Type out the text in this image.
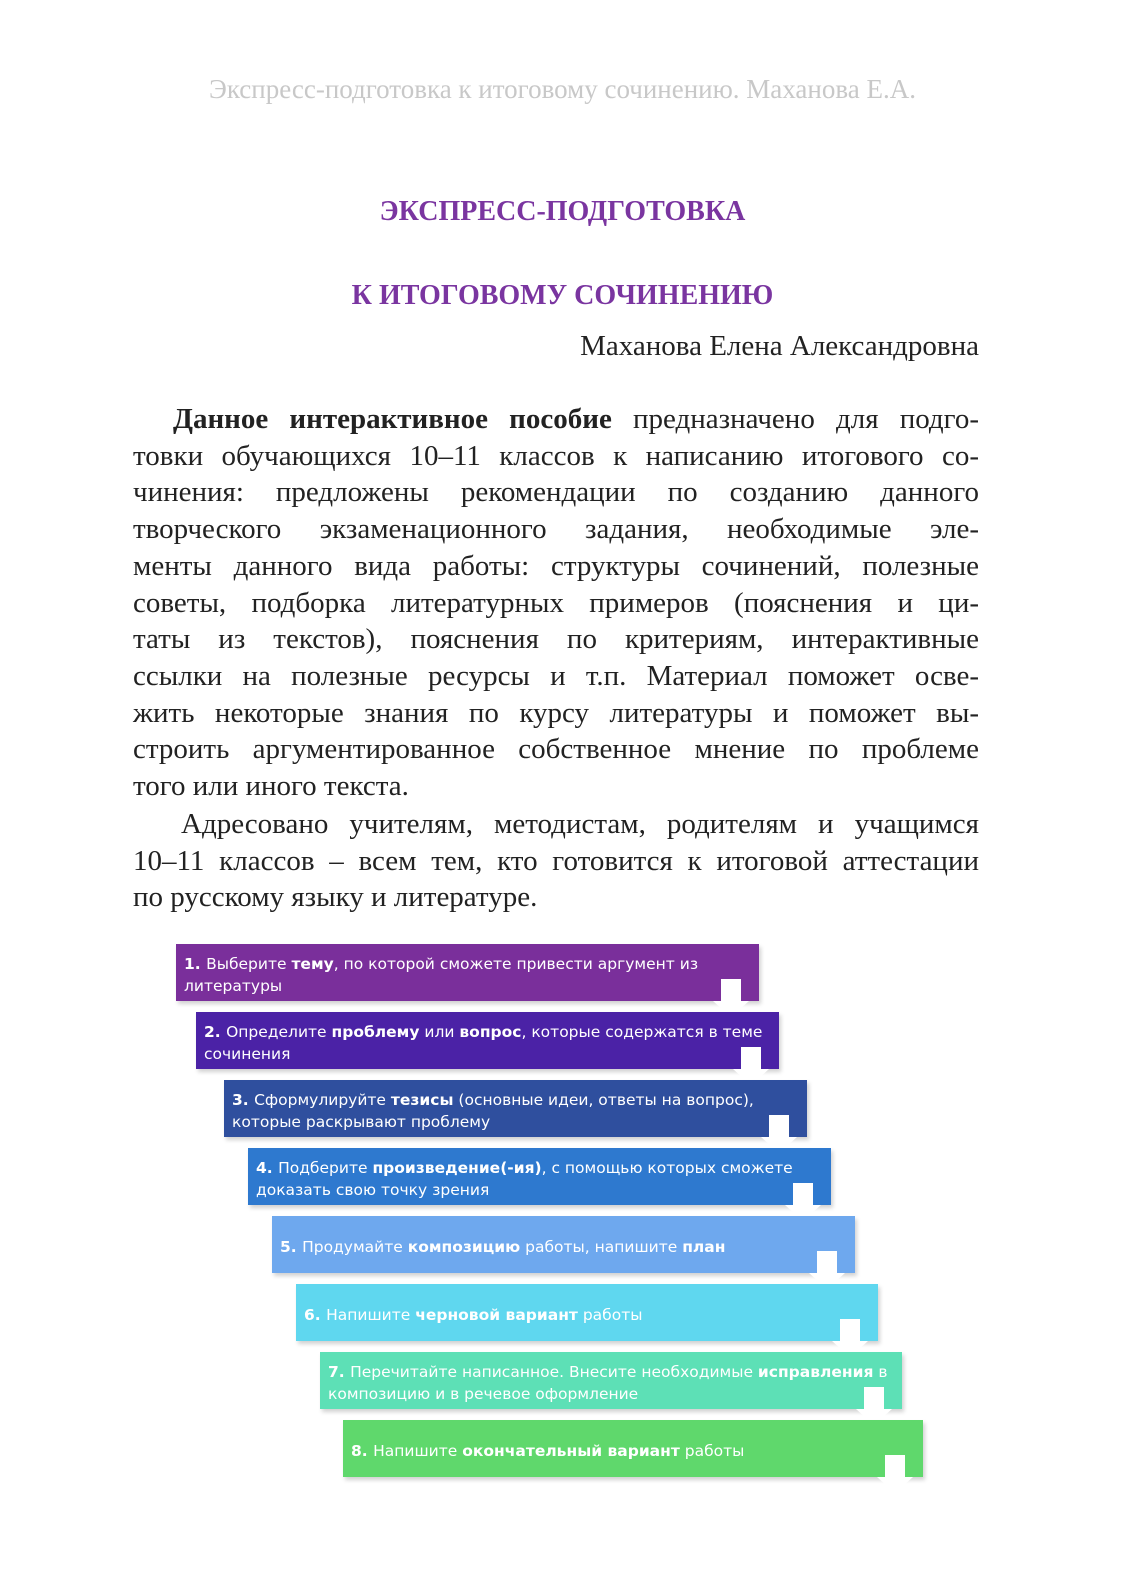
Экспресс-подготовка к итоговому сочинению. Маханова Е.А.
ЭКСПРЕСС-ПОДГОТОВКА
К ИТОГОВОМУ СОЧИНЕНИЮ
Маханова Елена Александровна
Данное интерактивное пособие предназначено для подго-
товки обучающихся 10–11 классов к написанию итогового со-
чинения: предложены рекомендации по созданию данного
творческого экзаменационного задания, необходимые эле-
менты данного вида работы: структуры сочинений, полезные
советы, подборка литературных примеров (пояснения и ци-
таты из текстов), пояснения по критериям, интерактивные
ссылки на полезные ресурсы и т.п. Материал поможет осве-
жить некоторые знания по курсу литературы и поможет вы-
строить аргументированное собственное мнение по проблеме
того или иного текста.
Адресовано учителям, методистам, родителям и учащимся
10–11 классов – всем тем, кто готовится к итоговой аттестации
по русскому языку и литературе.
1. Выберите тему, по которой сможете привести аргумент из литературы
2. Определите проблему или вопрос, которые содержатся в теме сочинения
3. Сформулируйте тезисы (основные идеи, ответы на вопрос), которые раскрывают проблему
4. Подберите произведение(-ия), с помощью которых сможете доказать свою точку зрения
5. Продумайте композицию работы, напишите план
6. Напишите черновой вариант работы
7. Перечитайте написанное. Внесите необходимые исправления в композицию и в речевое оформление
8. Напишите окончательный вариант работы
